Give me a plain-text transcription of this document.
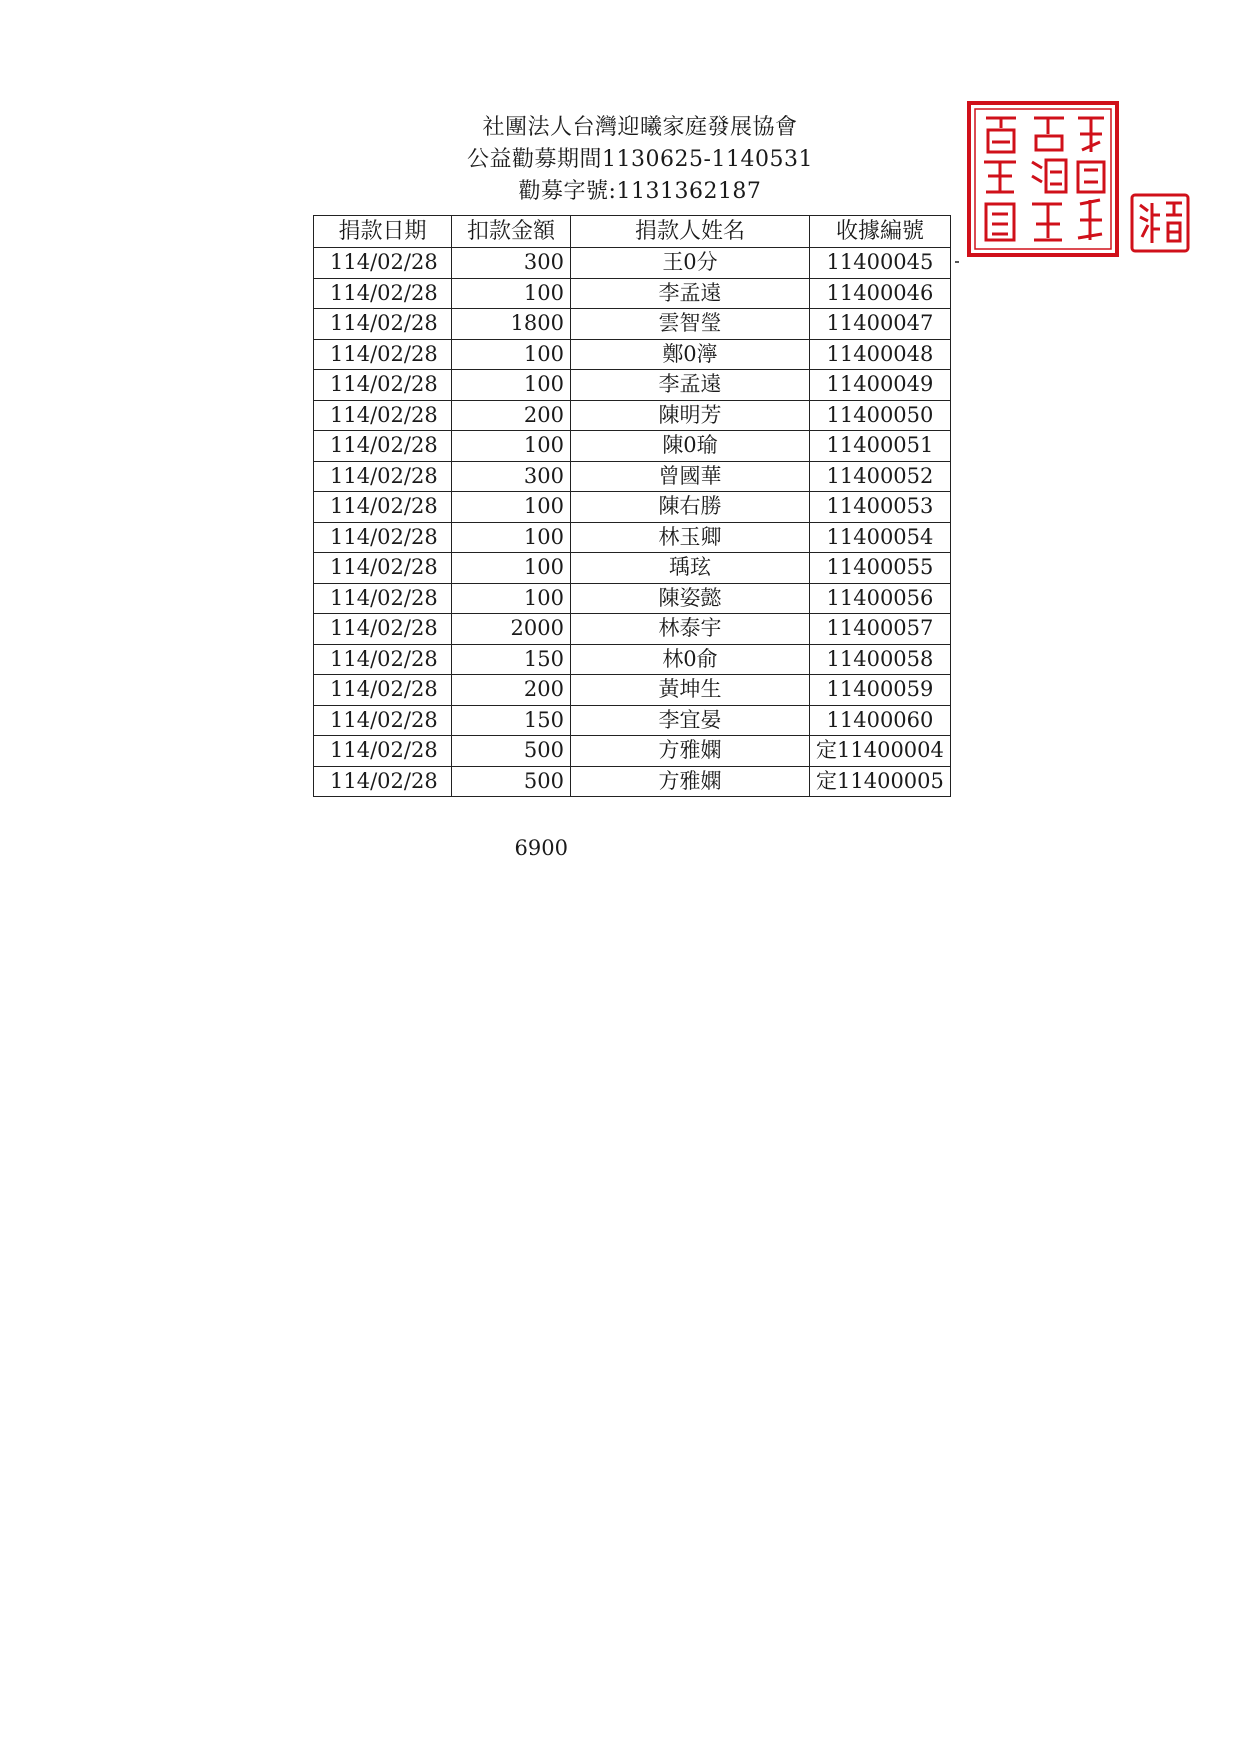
社團法人台灣迎曦家庭發展協會
公益勸募期間1130625-1140531
勸募字號:1131362187
捐款日期	扣款金額	捐款人姓名	收據編號
114/02/28	300	王0分	11400045
114/02/28	100	李孟遠	11400046
114/02/28	1800	雲智瑩	11400047
114/02/28	100	鄭0濘	11400048
114/02/28	100	李孟遠	11400049
114/02/28	200	陳明芳	11400050
114/02/28	100	陳0瑜	11400051
114/02/28	300	曾國華	11400052
114/02/28	100	陳右勝	11400053
114/02/28	100	林玉卿	11400054
114/02/28	100	瑀玹	11400055
114/02/28	100	陳姿懿	11400056
114/02/28	2000	林泰宇	11400057
114/02/28	150	林0俞	11400058
114/02/28	200	黃坤生	11400059
114/02/28	150	李宜晏	11400060
114/02/28	500	方雅嫻	定11400004
114/02/28	500	方雅嫻	定11400005
6900
